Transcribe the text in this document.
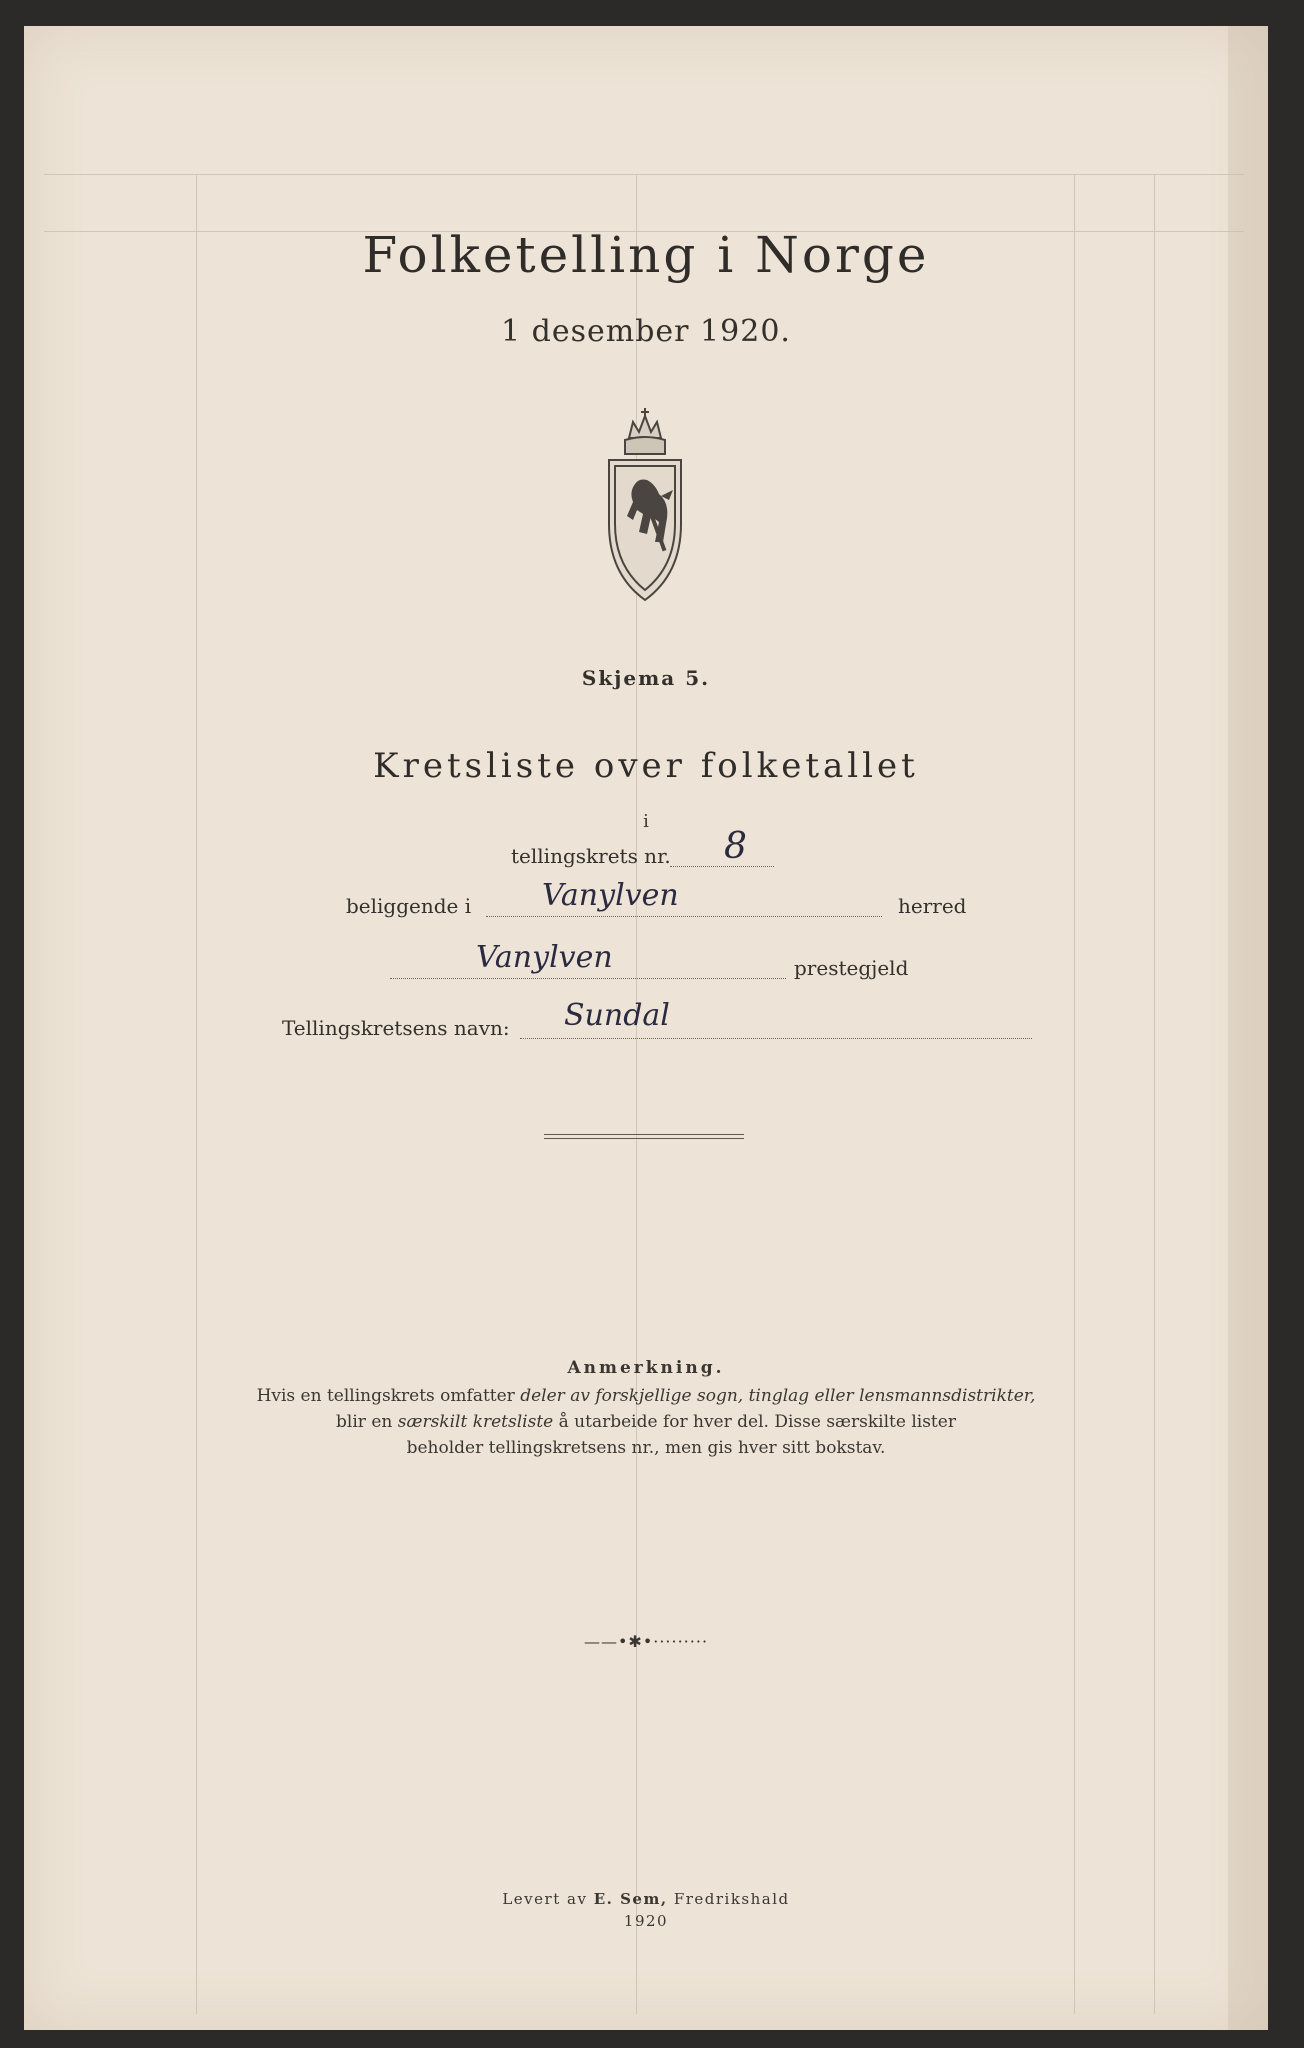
Folketelling i Norge
1 desember 1920.
Skjema 5.
Kretsliste over folketallet
i
tellingskrets nr. 8
beliggende i Vanylven	herred
Vanylven	prestegjeld
Tellingskretsens navn: Sundal
Anmerkning.
Hvis en tellingskrets omfatter deler av forskjellige sogn, tinglag eller lensmannsdistrikter,
blir en særskilt kretsliste å utarbeide for hver del. Disse særskilte lister
beholder tellingskretsens nr., men gis hver sitt bokstav.
——•✱•·········
Levert av E. Sem, Fredrikshald
1920
